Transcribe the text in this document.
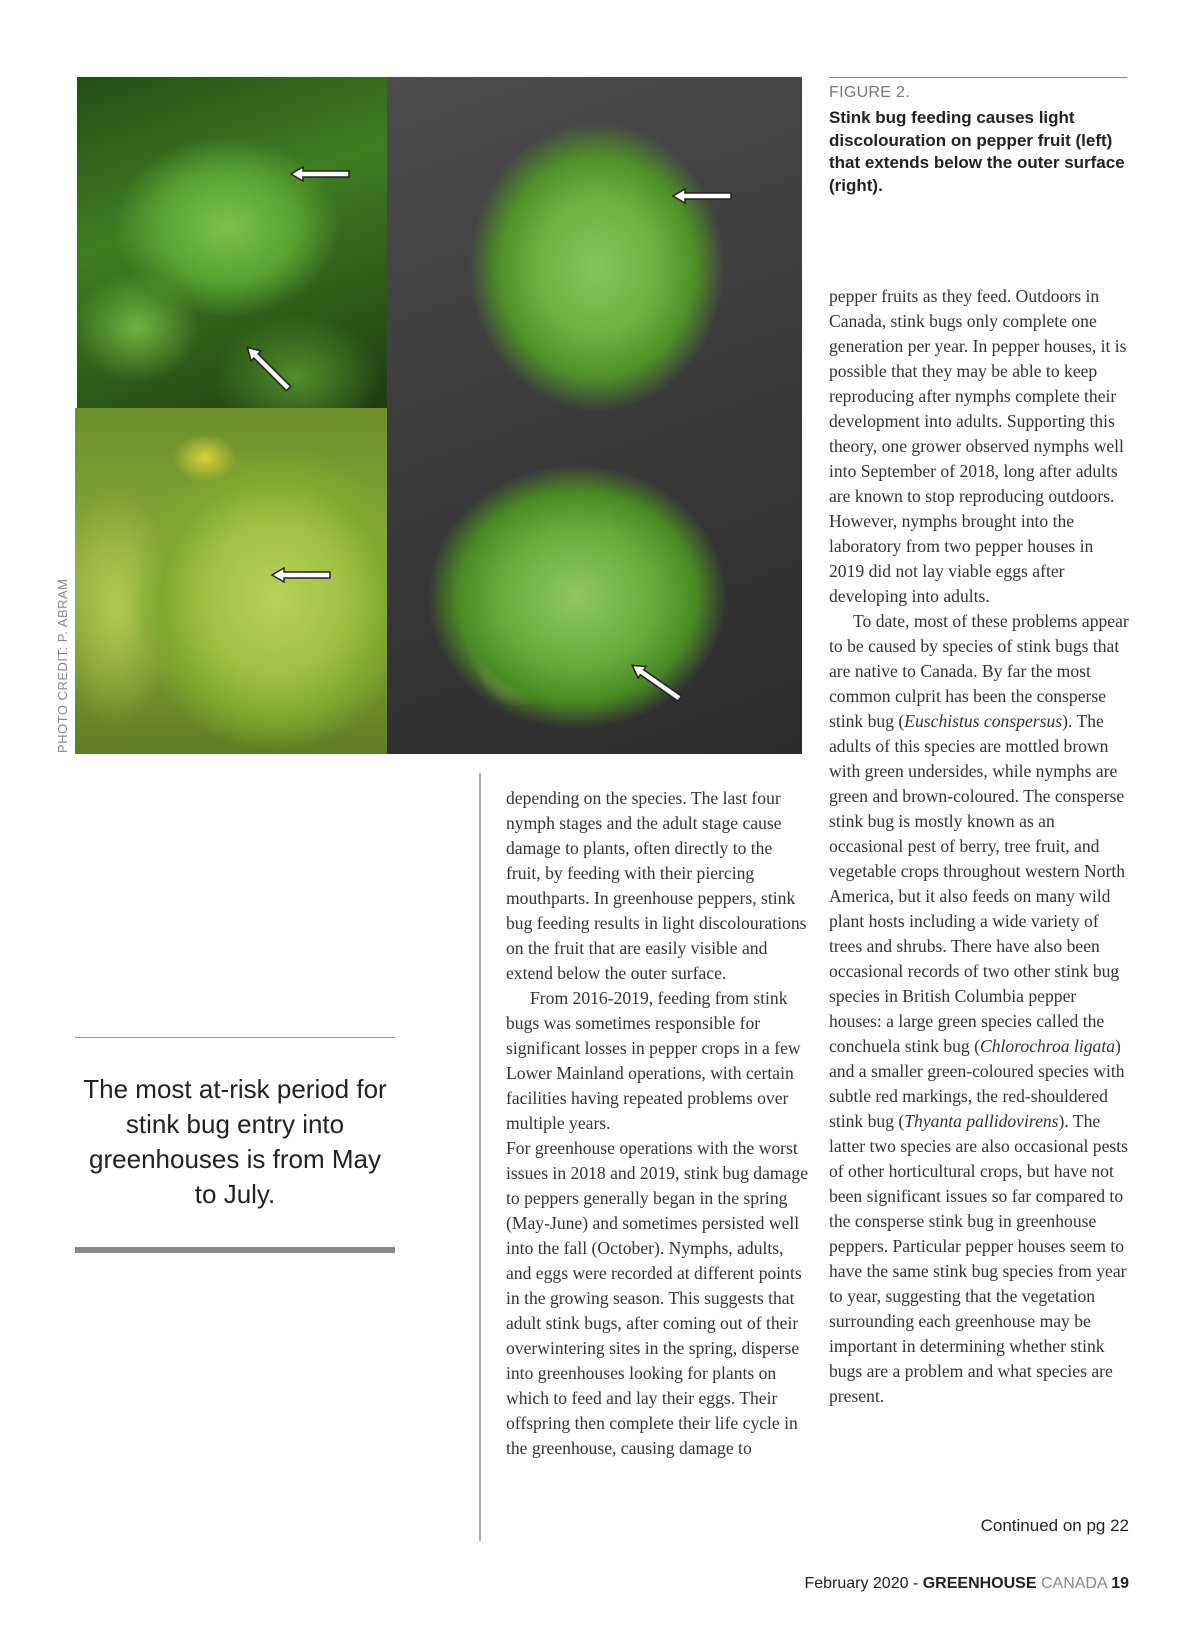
PHOTO CREDIT: P. ABRAM
FIGURE 2.
Stink bug feeding causes light discolouration on pepper fruit (left) that extends below the outer surface (right).
The most at-risk period for stink bug entry into greenhouses is from May to July.

depending on the species. The last four nymph stages and the adult stage cause damage to plants, often directly to the fruit, by feeding with their piercing mouthparts. In greenhouse peppers, stink bug feeding results in light discolourations on the fruit that are easily visible and extend below the outer surface.

From 2016-2019, feeding from stink bugs was sometimes responsible for significant losses in pepper crops in a few Lower Mainland operations, with certain facilities having repeated problems over multiple years.

For greenhouse operations with the worst issues in 2018 and 2019, stink bug damage to peppers generally began in the spring (May-June) and sometimes persisted well into the fall (October). Nymphs, adults, and eggs were recorded at different points in the growing season. This suggests that adult stink bugs, after coming out of their overwintering sites in the spring, disperse into greenhouses looking for plants on which to feed and lay their eggs. Their offspring then complete their life cycle in the greenhouse, causing damage to

pepper fruits as they feed. Outdoors in Canada, stink bugs only complete one generation per year. In pepper houses, it is possible that they may be able to keep reproducing after nymphs complete their development into adults. Supporting this theory, one grower observed nymphs well into September of 2018, long after adults are known to stop reproducing outdoors. However, nymphs brought into the laboratory from two pepper houses in 2019 did not lay viable eggs after developing into adults.

To date, most of these problems appear to be caused by species of stink bugs that are native to Canada. By far the most common culprit has been the consperse stink bug (Euschistus conspersus). The adults of this species are mottled brown with green undersides, while nymphs are green and brown-coloured. The consperse stink bug is mostly known as an occasional pest of berry, tree fruit, and vegetable crops throughout western North America, but it also feeds on many wild plant hosts including a wide variety of trees and shrubs. There have also been occasional records of two other stink bug species in British Columbia pepper houses: a large green species called the conchuela stink bug (Chlorochroa ligata) and a smaller green-coloured species with subtle red markings, the red-shouldered stink bug (Thyanta pallidovirens). The latter two species are also occasional pests of other horticultural crops, but have not been significant issues so far compared to the consperse stink bug in greenhouse peppers. Particular pepper houses seem to have the same stink bug species from year to year, suggesting that the vegetation surrounding each greenhouse may be important in determining whether stink bugs are a problem and what species are present.

Continued on pg 22
February 2020 - GREENHOUSE CANADA 19
